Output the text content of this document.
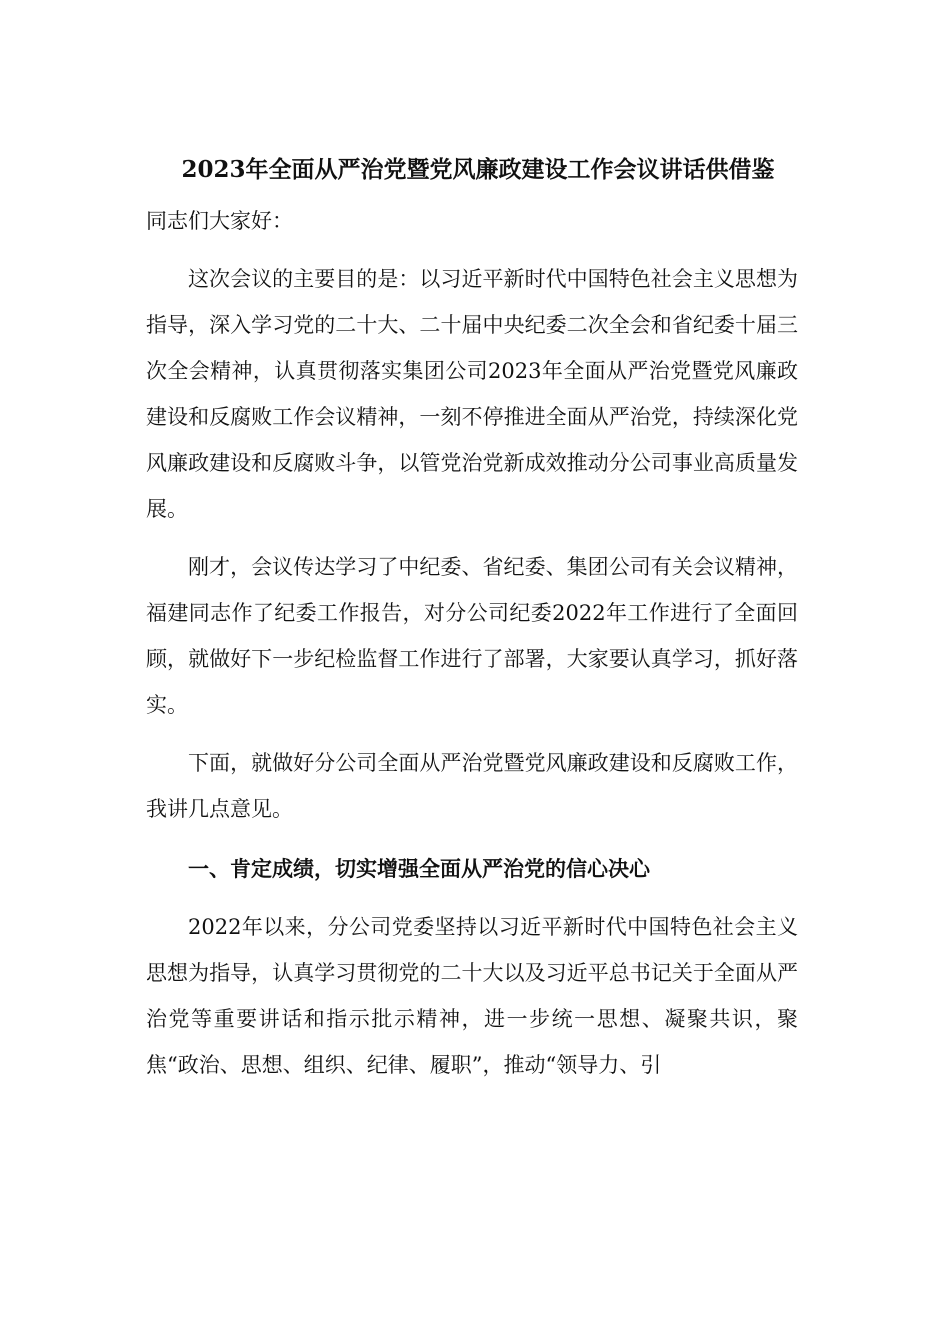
2023年全面从严治党暨党风廉政建设工作会议讲话供借鉴

同志们大家好：

这次会议的主要目的是：以习近平新时代中国特色社会主义思想为指导，深入学习党的二十大、二十届中央纪委二次全会和省纪委十届三次全会精神，认真贯彻落实集团公司2023年全面从严治党暨党风廉政建设和反腐败工作会议精神，一刻不停推进全面从严治党，持续深化党风廉政建设和反腐败斗争，以管党治党新成效推动分公司事业高质量发展。

刚才，会议传达学习了中纪委、省纪委、集团公司有关会议精神，福建同志作了纪委工作报告，对分公司纪委2022年工作进行了全面回顾，就做好下一步纪检监督工作进行了部署，大家要认真学习，抓好落实。

下面，就做好分公司全面从严治党暨党风廉政建设和反腐败工作，我讲几点意见。

一、肯定成绩，切实增强全面从严治党的信心决心

2022年以来，分公司党委坚持以习近平新时代中国特色社会主义思想为指导，认真学习贯彻党的二十大以及习近平总书记关于全面从严治党等重要讲话和指示批示精神，进一步统一思想、凝聚共识，聚焦“政治、思想、组织、纪律、履职”，推动“领导力、引
